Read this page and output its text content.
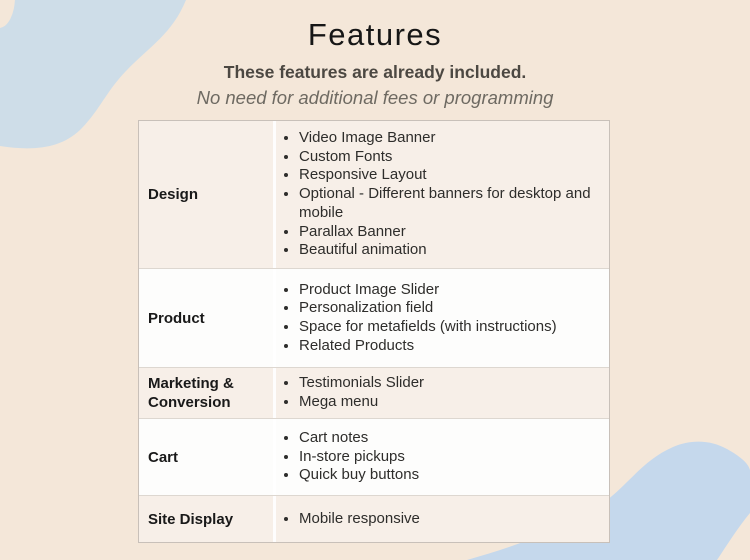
Features

These features are already included.

No need for additional fees or programming

Design
• Video Image Banner
• Custom Fonts
• Responsive Layout
• Optional - Different banners for desktop and mobile
• Parallax Banner
• Beautiful animation
Product
• Product Image Slider
• Personalization field
• Space for metafields (with instructions)
• Related Products
Marketing & Conversion
• Testimonials Slider
• Mega menu
Cart
• Cart notes
• In-store pickups
• Quick buy buttons
Site Display	• Mobile responsive
